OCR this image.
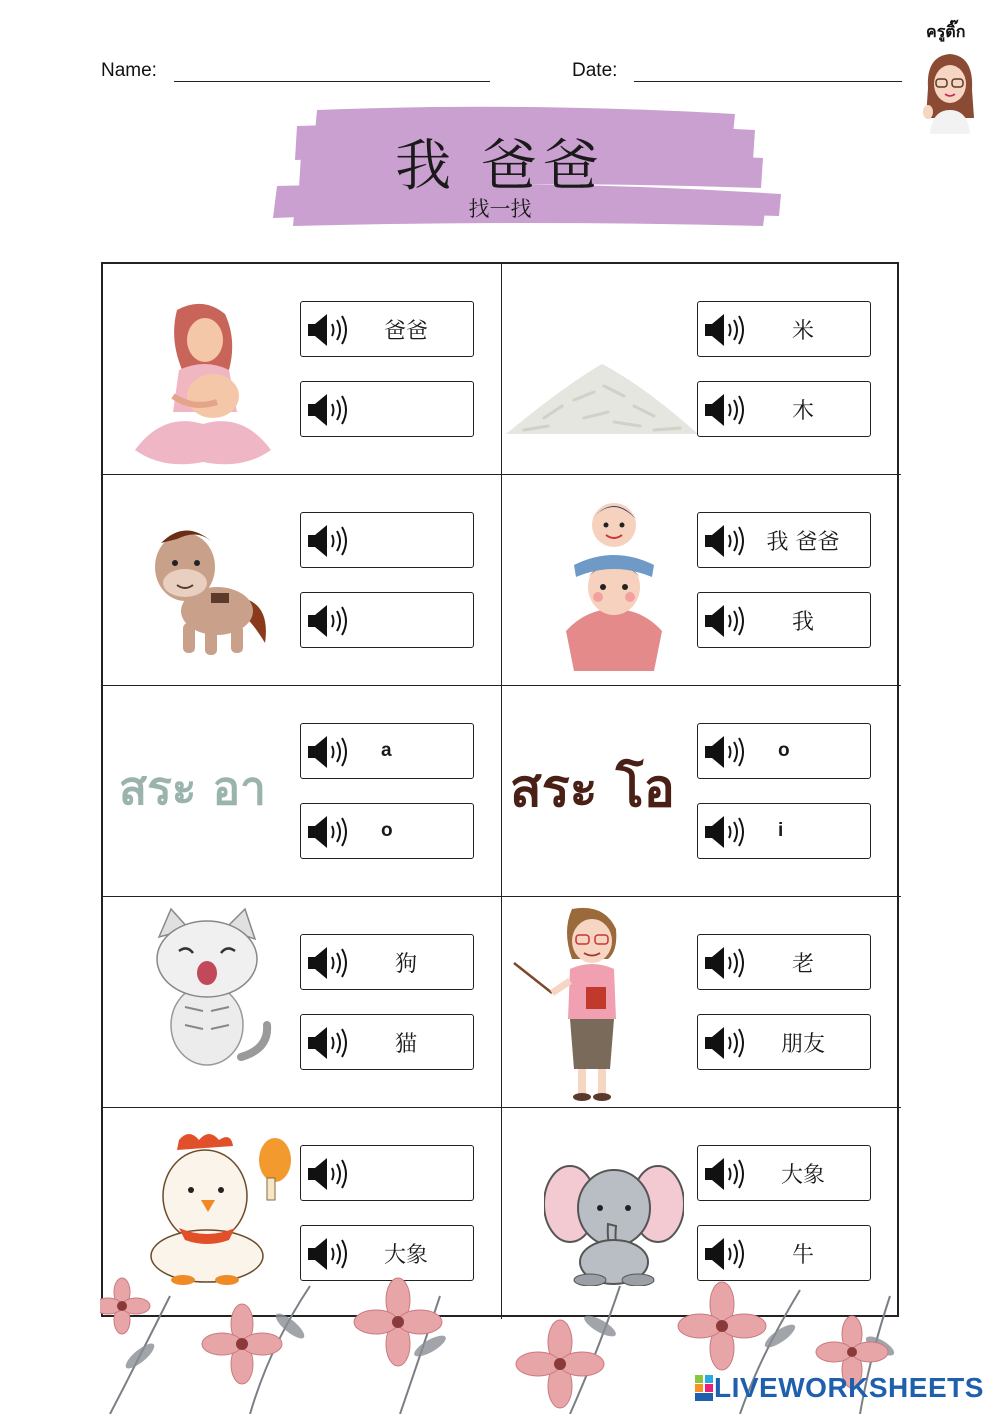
Name:	Date:
ครูติ๊ก
我 爸爸
找一找
爸爸	米
木
我 爸爸
我
สระ อา
a
o
สระ โอ
o
i
狗
猫
老
朋友
大象
大象
牛
LIVEWORKSHEETS
